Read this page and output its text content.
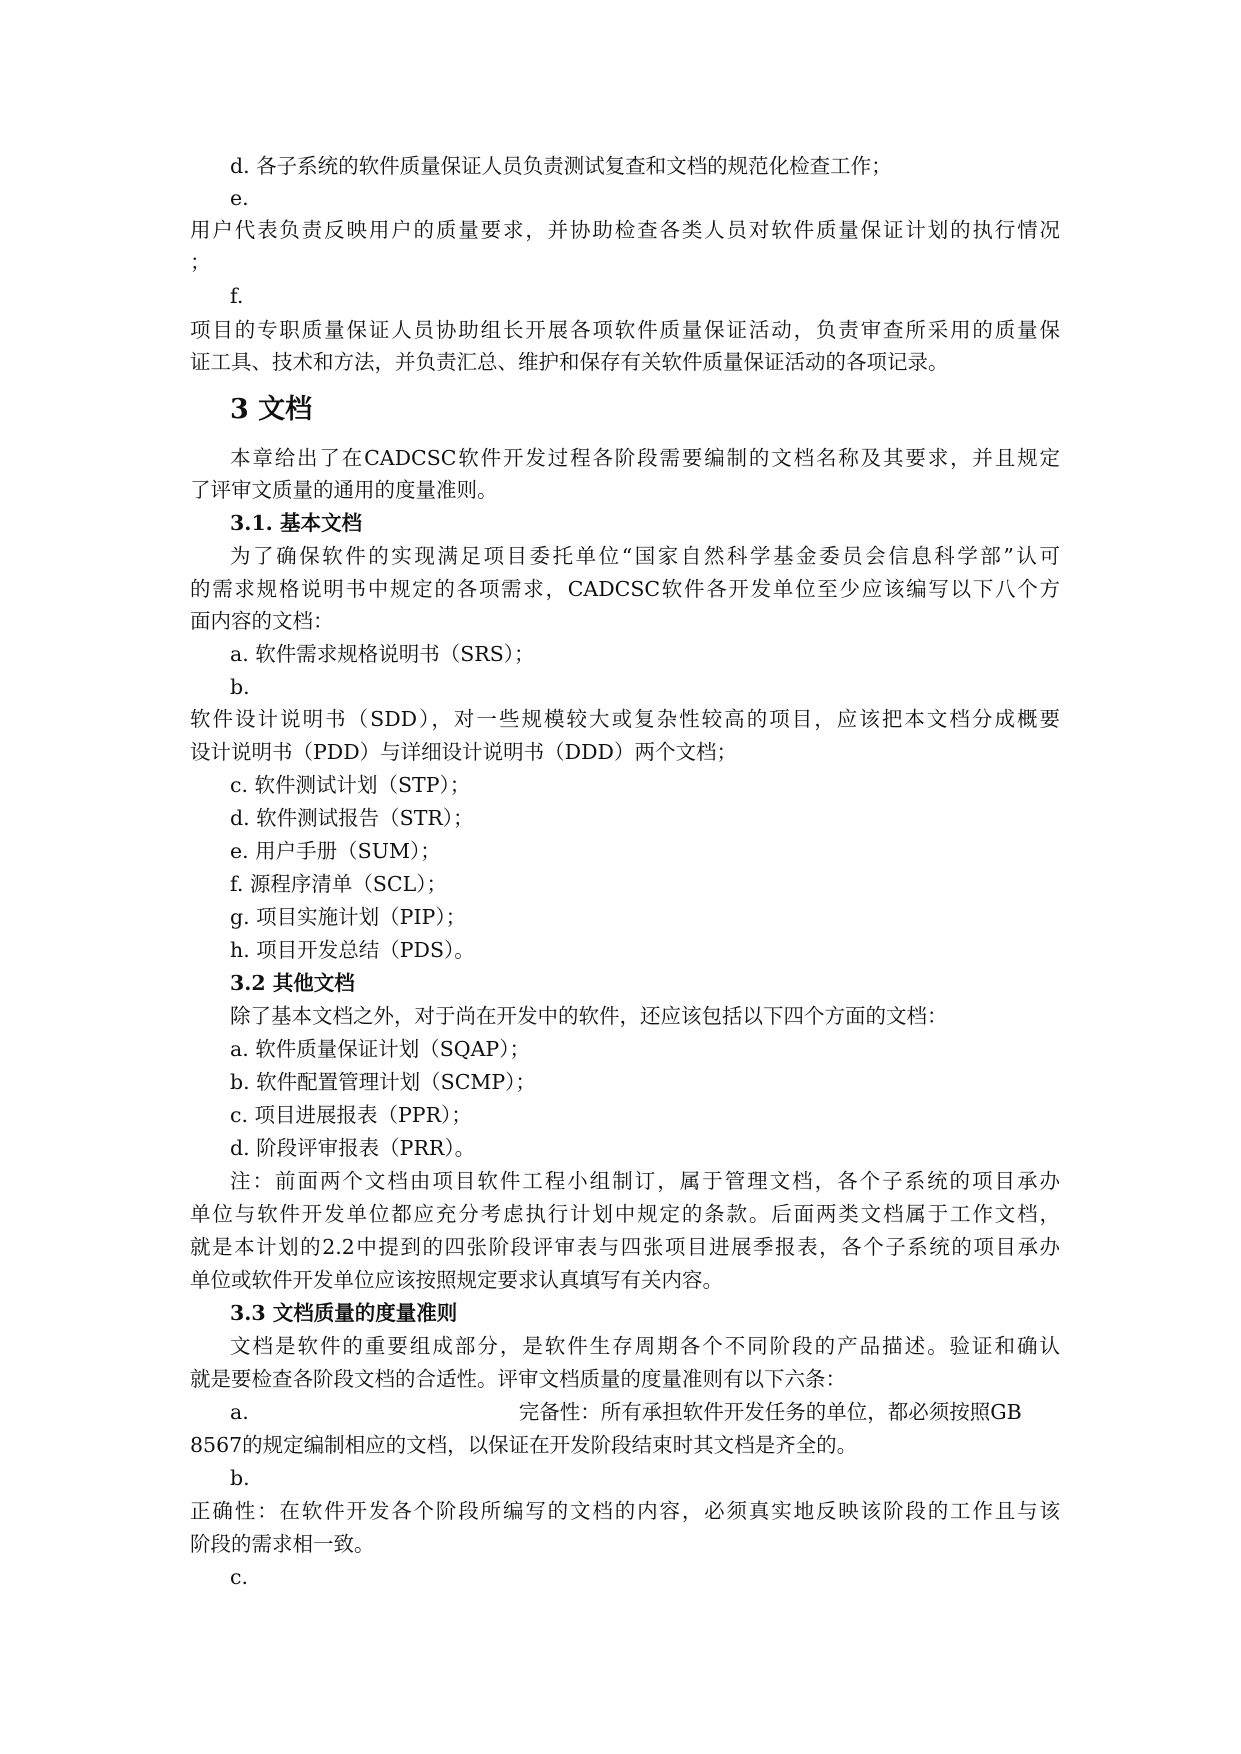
d. 各子系统的软件质量保证人员负责测试复查和文档的规范化检查工作；
e.
用户代表负责反映用户的质量要求，并协助检查各类人员对软件质量保证计划的执行情况
；
f.
项目的专职质量保证人员协助组长开展各项软件质量保证活动，负责审查所采用的质量保
证工具、技术和方法，并负责汇总、维护和保存有关软件质量保证活动的各项记录。
3 文档
本章给出了在CADCSC软件开发过程各阶段需要编制的文档名称及其要求，并且规定
了评审文质量的通用的度量准则。
3.1. 基本文档
为了确保软件的实现满足项目委托单位“国家自然科学基金委员会信息科学部”认可
的需求规格说明书中规定的各项需求，CADCSC软件各开发单位至少应该编写以下八个方
面内容的文档：
a. 软件需求规格说明书（SRS）；
b.
软件设计说明书（SDD），对一些规模较大或复杂性较高的项目，应该把本文档分成概要
设计说明书（PDD）与详细设计说明书（DDD）两个文档；
c. 软件测试计划（STP）；
d. 软件测试报告（STR）；
e. 用户手册（SUM）；
f. 源程序清单（SCL）；
g. 项目实施计划（PIP）；
h. 项目开发总结（PDS）。
3.2 其他文档
除了基本文档之外，对于尚在开发中的软件，还应该包括以下四个方面的文档：
a. 软件质量保证计划（SQAP）；
b. 软件配置管理计划（SCMP）；
c. 项目进展报表（PPR）；
d. 阶段评审报表（PRR）。
注：前面两个文档由项目软件工程小组制订，属于管理文档，各个子系统的项目承办
单位与软件开发单位都应充分考虑执行计划中规定的条款。后面两类文档属于工作文档，
就是本计划的2.2中提到的四张阶段评审表与四张项目进展季报表，各个子系统的项目承办
单位或软件开发单位应该按照规定要求认真填写有关内容。
3.3 文档质量的度量准则
文档是软件的重要组成部分，是软件生存周期各个不同阶段的产品描述。验证和确认
就是要检查各阶段文档的合适性。评审文档质量的度量准则有以下六条：
a.	完备性：所有承担软件开发任务的单位，都必须按照GB
8567的规定编制相应的文档，以保证在开发阶段结束时其文档是齐全的。
b.
正确性：在软件开发各个阶段所编写的文档的内容，必须真实地反映该阶段的工作且与该
阶段的需求相一致。
c.
